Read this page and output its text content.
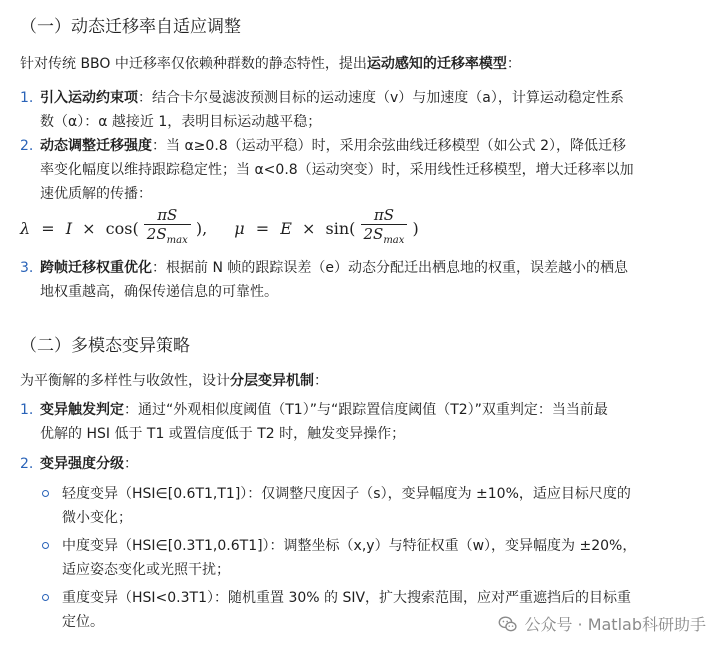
（一）动态迁移率自适应调整
针对传统 BBO 中迁移率仅依赖种群数的静态特性，提出运动感知的迁移率模型：
1. 引入运动约束项：结合卡尔曼滤波预测目标的运动速度（v）与加速度（a），计算运动稳定性系
数（α）：α 越接近 1，表明目标运动越平稳；
2. 动态调整迁移强度：当 α≥0.8（运动平稳）时，采用余弦曲线迁移模型（如公式 2），降低迁移
率变化幅度以维持跟踪稳定性；当 α<0.8（运动突变）时，采用线性迁移模型，增大迁移率以加
速优质解的传播：
$\lambda = I \times \cos( \frac{\pi S}{2S_{max}}$ ), $\mu = E \times \sin( \frac{\pi S}{2S_{max}}$ )
3. 跨帧迁移权重优化：根据前 N 帧的跟踪误差（e）动态分配迁出栖息地的权重，误差越小的栖息
地权重越高，确保传递信息的可靠性。
（二）多模态变异策略
为平衡解的多样性与收敛性，设计分层变异机制：
1. 变异触发判定：通过“外观相似度阈值（T1）”与“跟踪置信度阈值（T2）”双重判定：当当前最
优解的 HSI 低于 T1 或置信度低于 T2 时，触发变异操作；
2. 变异强度分级：
轻度变异（HSI∈[0.6T1,T1]）：仅调整尺度因子（s），变异幅度为 ±10%，适应目标尺度的
微小变化；
中度变异（HSI∈[0.3T1,0.6T1]）：调整坐标（x,y）与特征权重（w），变异幅度为 ±20%，
适应姿态变化或光照干扰；
重度变异（HSI<0.3T1）：随机重置 30% 的 SIV，扩大搜索范围，应对严重遮挡后的目标重
定位。	公众号 · Matlab科研助手
